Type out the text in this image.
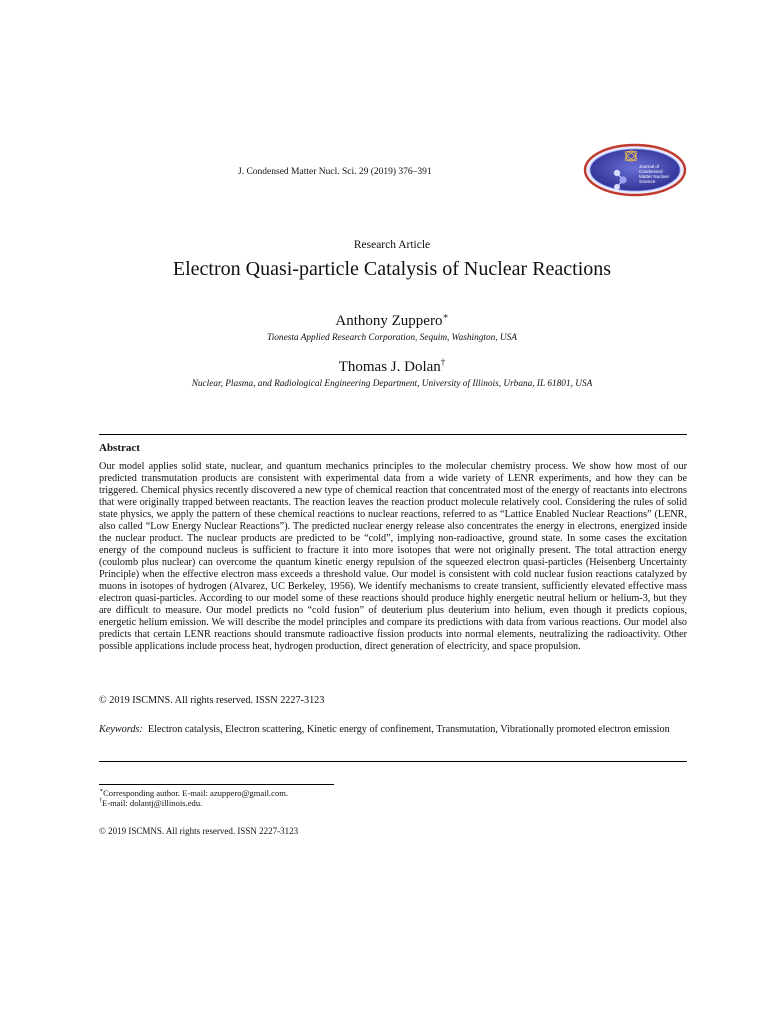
J. Condensed Matter Nucl. Sci. 29 (2019) 376–391
Journal of
Condensed
Matter Nuclear
Science
Research Article
Electron Quasi-particle Catalysis of Nuclear Reactions
Anthony Zuppero∗
Tionesta Applied Research Corporation, Sequim, Washington, USA
Thomas J. Dolan†
Nuclear, Plasma, and Radiological Engineering Department, University of Illinois, Urbana, IL 61801, USA
Abstract
Our model applies solid state, nuclear, and quantum mechanics principles to the molecular chemistry process. We show how most of our predicted transmutation products are consistent with experimental data from a wide variety of LENR experiments, and how they can be triggered. Chemical physics recently discovered a new type of chemical reaction that concentrated most of the energy of reactants into electrons that were originally trapped between reactants. The reaction leaves the reaction product molecule relatively cool. Considering the rules of solid state physics, we apply the pattern of these chemical reactions to nuclear reactions, referred to as “Lattice Enabled Nuclear Reactions” (LENR, also called “Low Energy Nuclear Reactions”). The predicted nuclear energy release also concentrates the energy in electrons, energized inside the nuclear product. The nuclear products are predicted to be “cold”, implying non-radioactive, ground state. In some cases the excitation energy of the compound nucleus is sufficient to fracture it into more isotopes that were not originally present. The total attraction energy (coulomb plus nuclear) can overcome the quantum kinetic energy repulsion of the squeezed electron quasi-particles (Heisenberg Uncertainty Principle) when the effective electron mass exceeds a threshold value. Our model is consistent with cold nuclear fusion reactions catalyzed by muons in isotopes of hydrogen (Alvarez, UC Berkeley, 1956). We identify mechanisms to create transient, sufficiently elevated effective mass electron quasi-particles. According to our model some of these reactions should produce highly energetic neutral helium or helium-3, but they are difficult to measure. Our model predicts no “cold fusion” of deuterium plus deuterium into helium, even though it predicts copious, energetic helium emission. We will describe the model principles and compare its predictions with data from various reactions. Our model also predicts that certain LENR reactions should transmute radioactive fission products into normal elements, neutralizing the radioactivity. Other possible applications include process heat, hydrogen production, direct generation of electricity, and space propulsion.
© 2019 ISCMNS. All rights reserved. ISSN 2227-3123
Keywords: Electron catalysis, Electron scattering, Kinetic energy of confinement, Transmutation, Vibrationally promoted electron emission
∗Corresponding author. E-mail: azuppero@gmail.com.
†E-mail: dolantj@illinois.edu.
© 2019 ISCMNS. All rights reserved. ISSN 2227-3123
